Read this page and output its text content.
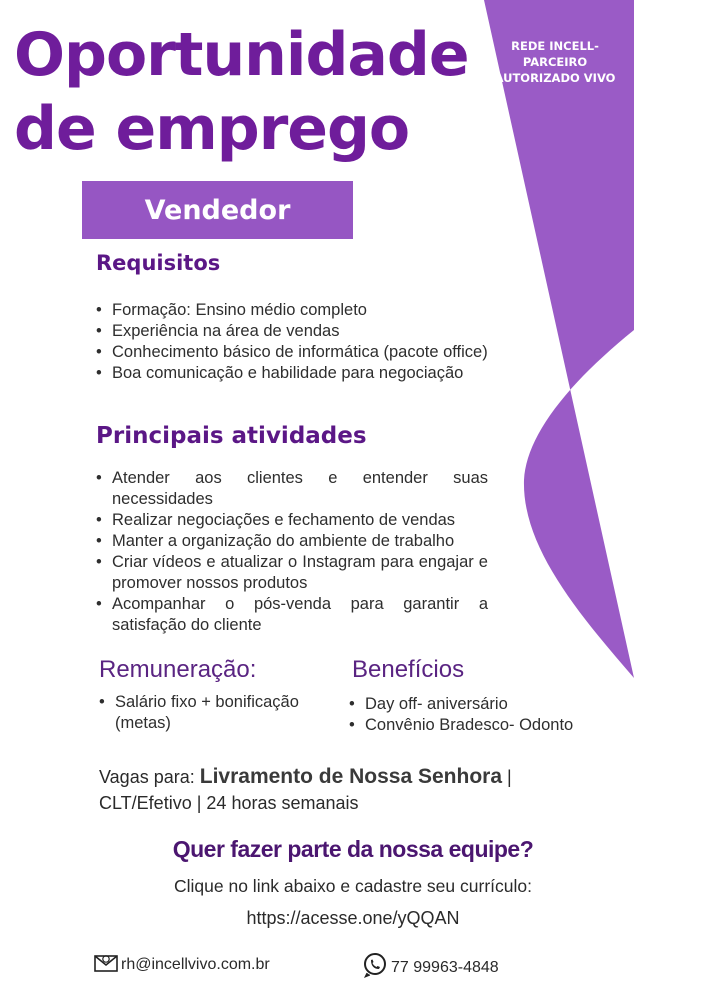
Oportunidade
de emprego
REDE INCELL-
PARCEIRO
AUTORIZADO VIVO
Vendedor
Requisitos
• Formação: Ensino médio completo
• Experiência na área de vendas
• Conhecimento básico de informática (pacote office)
• Boa comunicação e habilidade para negociação
Principais atividades
• Atender aos clientes e entender suas necessidades
• Realizar negociações e fechamento de vendas
• Manter a organização do ambiente de trabalho
• Criar vídeos e atualizar o Instagram para engajar e promover nossos produtos
• Acompanhar o pós-venda para garantir a satisfação do cliente
Remuneração:
• Salário fixo + bonificação (metas)
Benefícios
• Day off- aniversário
• Convênio Bradesco- Odonto
Vagas para: Livramento de Nossa Senhora |
CLT/Efetivo | 24 horas semanais
Quer fazer parte da nossa equipe?
Clique no link abaixo e cadastre seu currículo:
https://acesse.one/yQQAN
rh@incellvivo.com.br	77 99963-4848
